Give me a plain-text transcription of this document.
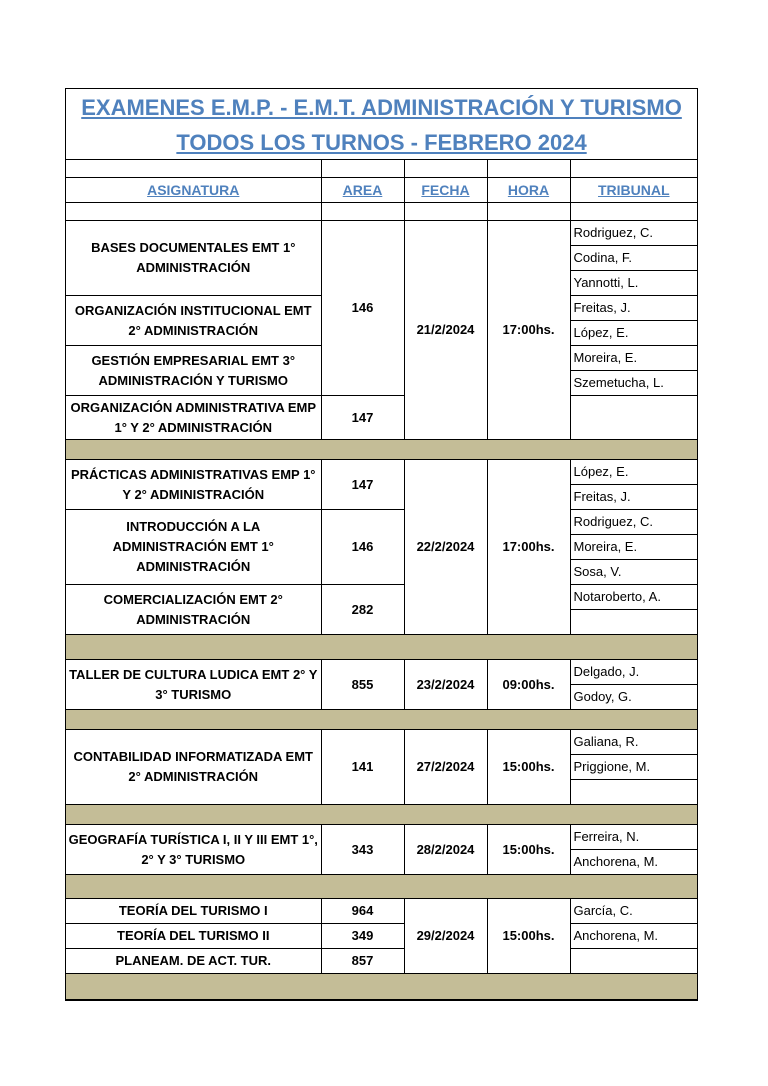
EXAMENES E.M.P. - E.M.T. ADMINISTRACIÓN Y TURISMO				
TODOS LOS TURNOS - FEBRERO 2024				

ASIGNATURA	AREA	FECHA	HORA	TRIBUNAL

BASES DOCUMENTALES EMT 1° ADMINISTRACIÓN	146	21/2/2024	17:00hs.	Rodriguez, C.
				Codina, F.
				Yannotti, L.
ORGANIZACIÓN INSTITUCIONAL EMT 2° ADMINISTRACIÓN				Freitas, J.
				López, E.
GESTIÓN EMPRESARIAL EMT 3° ADMINISTRACIÓN Y TURISMO				Moreira, E.
				Szemetucha, L.
ORGANIZACIÓN ADMINISTRATIVA EMP 1° Y 2° ADMINISTRACIÓN	147			

PRÁCTICAS ADMINISTRATIVAS EMP 1° Y 2° ADMINISTRACIÓN	147	22/2/2024	17:00hs.	López, E.
				Freitas, J.
INTRODUCCIÓN A LA ADMINISTRACIÓN EMT 1° ADMINISTRACIÓN	146			Rodriguez, C.
				Moreira, E.
				Sosa, V.
COMERCIALIZACIÓN EMT 2° ADMINISTRACIÓN	282			Notaroberto, A.

TALLER DE CULTURA LUDICA EMT 2° Y 3° TURISMO	855	23/2/2024	09:00hs.	Delgado, J.
				Godoy, G.

CONTABILIDAD INFORMATIZADA EMT 2° ADMINISTRACIÓN	141	27/2/2024	15:00hs.	Galiana, R.
				Priggione, M.

GEOGRAFÍA TURÍSTICA I, II Y III EMT 1°, 2° Y 3° TURISMO	343	28/2/2024	15:00hs.	Ferreira, N.
				Anchorena, M.

TEORÍA DEL TURISMO I	964	29/2/2024	15:00hs.	García, C.
TEORÍA DEL TURISMO II	349			Anchorena, M.
PLANEAM. DE ACT. TUR.	857			
